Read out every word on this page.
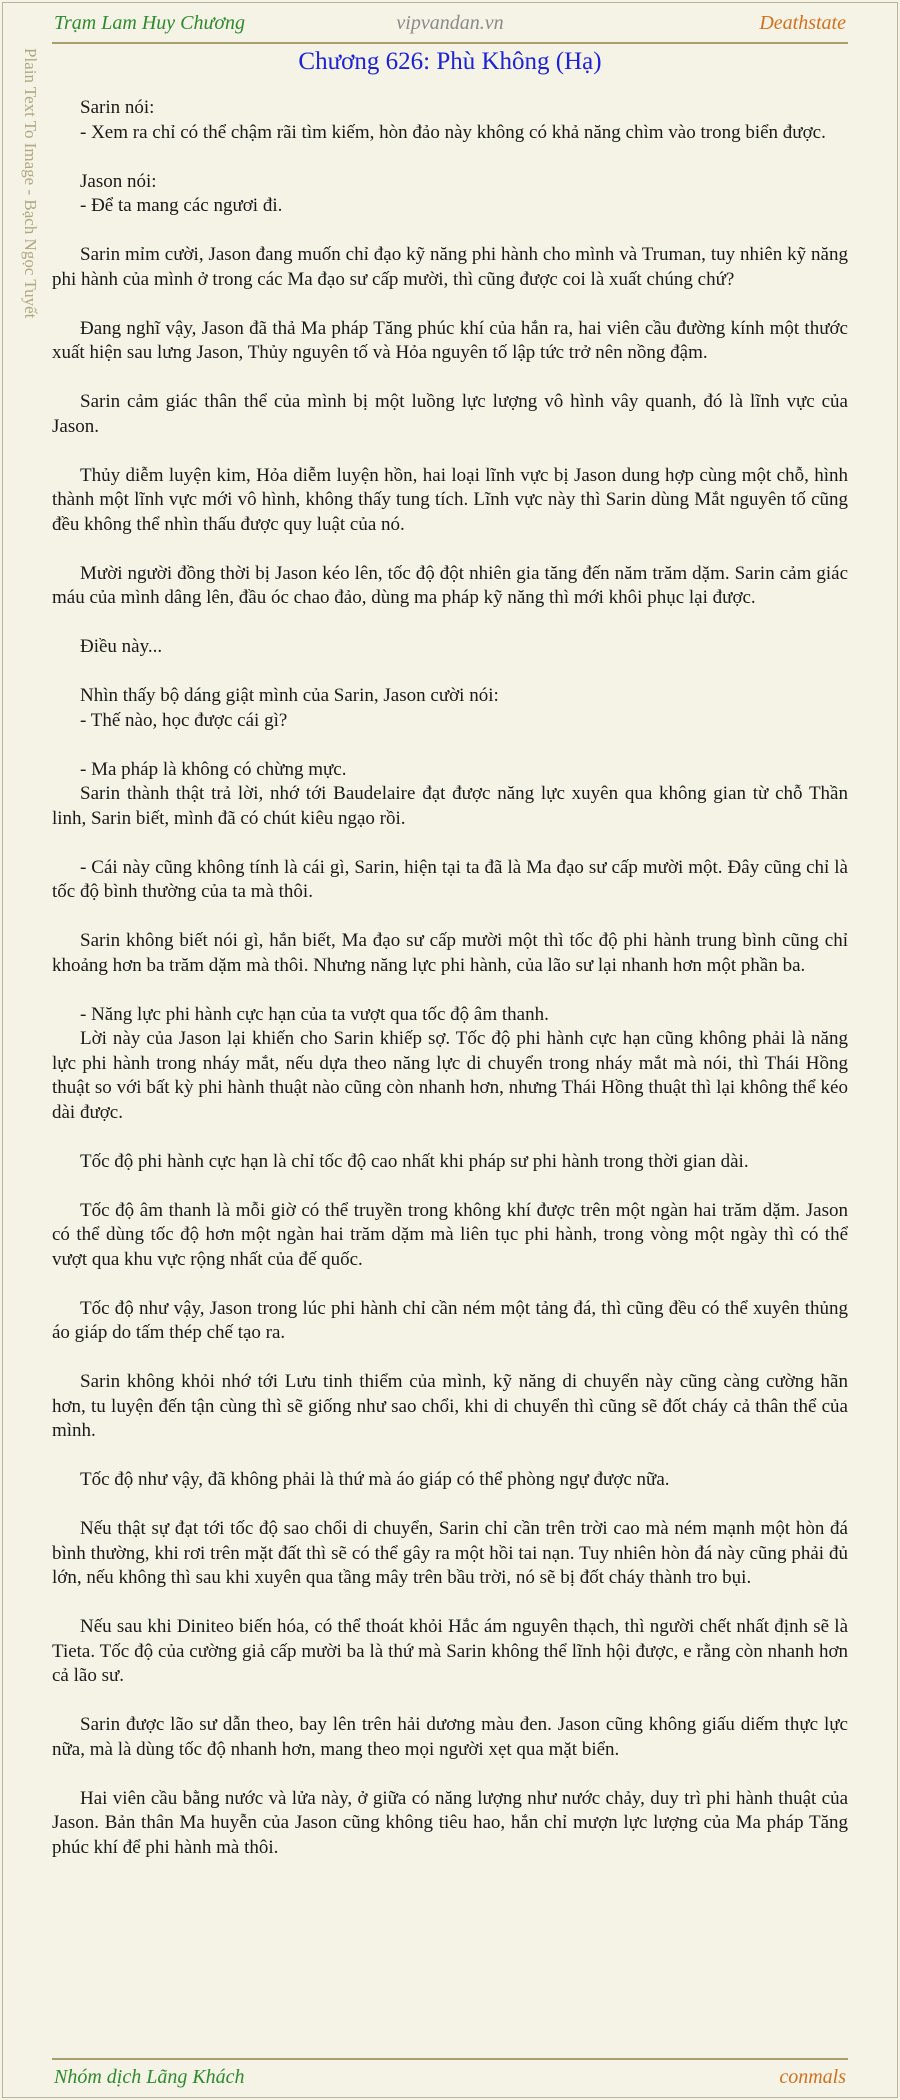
Trạm Lam Huy Chương	vipvandan.vn	Deathstate
Plain Text To Image - Bạch Ngọc Tuyết	Chương 626: Phù Không (Hạ)

Sarin nói:

- Xem ra chỉ có thể chậm rãi tìm kiếm, hòn đảo này không có khả năng chìm vào trong biển được.

Jason nói:

- Để ta mang các ngươi đi.

Sarin mỉm cười, Jason đang muốn chỉ đạo kỹ năng phi hành cho mình và Truman, tuy nhiên kỹ năng phi hành của mình ở trong các Ma đạo sư cấp mười, thì cũng được coi là xuất chúng chứ?

Đang nghĩ vậy, Jason đã thả Ma pháp Tăng phúc khí của hắn ra, hai viên cầu đường kính một thước xuất hiện sau lưng Jason, Thủy nguyên tố và Hỏa nguyên tố lập tức trở nên nồng đậm.

Sarin cảm giác thân thể của mình bị một luồng lực lượng vô hình vây quanh, đó là lĩnh vực của Jason.

Thủy diễm luyện kim, Hỏa diễm luyện hồn, hai loại lĩnh vực bị Jason dung hợp cùng một chỗ, hình thành một lĩnh vực mới vô hình, không thấy tung tích. Lĩnh vực này thì Sarin dùng Mắt nguyên tố cũng đều không thể nhìn thấu được quy luật của nó.

Mười người đồng thời bị Jason kéo lên, tốc độ đột nhiên gia tăng đến năm trăm dặm. Sarin cảm giác máu của mình dâng lên, đầu óc chao đảo, dùng ma pháp kỹ năng thì mới khôi phục lại được.

Điều này...

Nhìn thấy bộ dáng giật mình của Sarin, Jason cười nói:

- Thế nào, học được cái gì?

- Ma pháp là không có chừng mực.

Sarin thành thật trả lời, nhớ tới Baudelaire đạt được năng lực xuyên qua không gian từ chỗ Thần linh, Sarin biết, mình đã có chút kiêu ngạo rồi.

- Cái này cũng không tính là cái gì, Sarin, hiện tại ta đã là Ma đạo sư cấp mười một. Đây cũng chỉ là tốc độ bình thường của ta mà thôi.

Sarin không biết nói gì, hắn biết, Ma đạo sư cấp mười một thì tốc độ phi hành trung bình cũng chỉ khoảng hơn ba trăm dặm mà thôi. Nhưng năng lực phi hành, của lão sư lại nhanh hơn một phần ba.

- Năng lực phi hành cực hạn của ta vượt qua tốc độ âm thanh.

Lời này của Jason lại khiến cho Sarin khiếp sợ. Tốc độ phi hành cực hạn cũng không phải là năng lực phi hành trong nháy mắt, nếu dựa theo năng lực di chuyển trong nháy mắt mà nói, thì Thái Hồng thuật so với bất kỳ phi hành thuật nào cũng còn nhanh hơn, nhưng Thái Hồng thuật thì lại không thể kéo dài được.

Tốc độ phi hành cực hạn là chỉ tốc độ cao nhất khi pháp sư phi hành trong thời gian dài.

Tốc độ âm thanh là mỗi giờ có thể truyền trong không khí được trên một ngàn hai trăm dặm. Jason có thể dùng tốc độ hơn một ngàn hai trăm dặm mà liên tục phi hành, trong vòng một ngày thì có thể vượt qua khu vực rộng nhất của đế quốc.

Tốc độ như vậy, Jason trong lúc phi hành chỉ cần ném một tảng đá, thì cũng đều có thể xuyên thủng áo giáp do tấm thép chế tạo ra.

Sarin không khỏi nhớ tới Lưu tinh thiểm của mình, kỹ năng di chuyển này cũng càng cường hãn hơn, tu luyện đến tận cùng thì sẽ giống như sao chổi, khi di chuyển thì cũng sẽ đốt cháy cả thân thể của mình.

Tốc độ như vậy, đã không phải là thứ mà áo giáp có thể phòng ngự được nữa.

Nếu thật sự đạt tới tốc độ sao chổi di chuyển, Sarin chỉ cần trên trời cao mà ném mạnh một hòn đá bình thường, khi rơi trên mặt đất thì sẽ có thể gây ra một hồi tai nạn. Tuy nhiên hòn đá này cũng phải đủ lớn, nếu không thì sau khi xuyên qua tầng mây trên bầu trời, nó sẽ bị đốt cháy thành tro bụi.

Nếu sau khi Diniteo biến hóa, có thể thoát khỏi Hắc ám nguyên thạch, thì người chết nhất định sẽ là Tieta. Tốc độ của cường giả cấp mười ba là thứ mà Sarin không thể lĩnh hội được, e rằng còn nhanh hơn cả lão sư.

Sarin được lão sư dẫn theo, bay lên trên hải dương màu đen. Jason cũng không giấu diếm thực lực nữa, mà là dùng tốc độ nhanh hơn, mang theo mọi người xẹt qua mặt biển.

Hai viên cầu bằng nước và lửa này, ở giữa có năng lượng như nước chảy, duy trì phi hành thuật của Jason. Bản thân Ma huyễn của Jason cũng không tiêu hao, hắn chỉ mượn lực lượng của Ma pháp Tăng phúc khí để phi hành mà thôi.

Nhóm dịch Lãng Khách	conmals
